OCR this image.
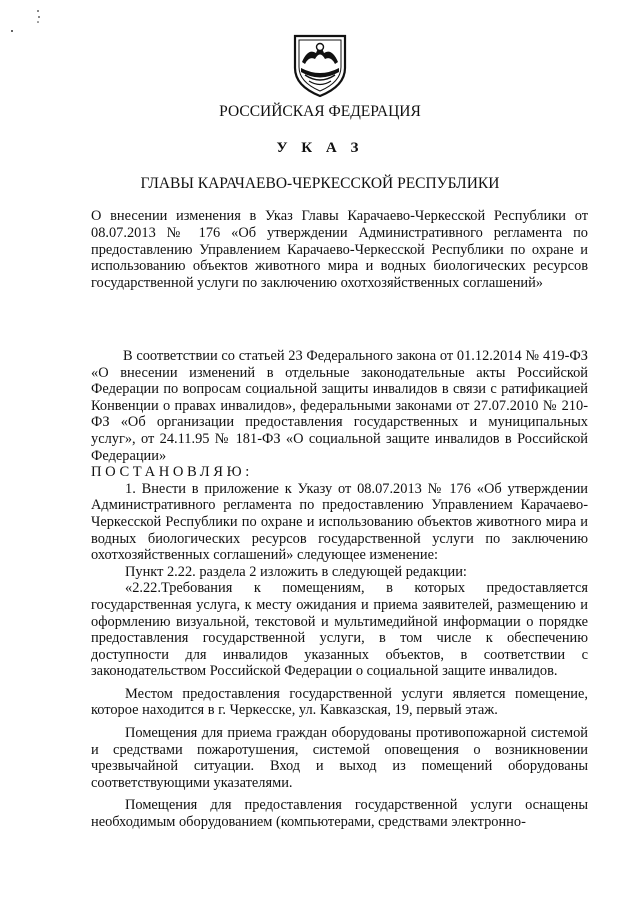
РОССИЙСКАЯ ФЕДЕРАЦИЯ
У К А З
ГЛАВЫ КАРАЧАЕВО-ЧЕРКЕССКОЙ РЕСПУБЛИКИ
О внесении изменения в Указ Главы Карачаево-Черкесской Республики от 08.07.2013 № 176 «Об утверждении Административного регламента по предоставлению Управлением Карачаево-Черкесской Республики по охране и использованию объектов животного мира и водных биологических ресурсов государственной услуги по заключению охотхозяйственных соглашений»

В соответствии со статьей 23 Федерального закона от 01.12.2014 № 419-ФЗ «О внесении изменений в отдельные законодательные акты Российской Федерации по вопросам социальной защиты инвалидов в связи с ратификацией Конвенции о правах инвалидов», федеральными законами от 27.07.2010 № 210-ФЗ «Об организации предоставления государственных и муниципальных услуг», от 24.11.95 № 181-ФЗ «О социальной защите инвалидов в Российской Федерации»

ПОСТАНОВЛЯЮ:

1. Внести в приложение к Указу от 08.07.2013 № 176 «Об утверждении Административного регламента по предоставлению Управлением Карачаево-Черкесской Республики по охране и использованию объектов животного мира и водных биологических ресурсов государственной услуги по заключению охотхозяйственных соглашений» следующее изменение:

Пункт 2.22. раздела 2 изложить в следующей редакции:

«2.22.Требования к помещениям, в которых предоставляется государственная услуга, к месту ожидания и приема заявителей, размещению и оформлению визуальной, текстовой и мультимедийной информации о порядке предоставления государственной услуги, в том числе к обеспечению доступности для инвалидов указанных объектов, в соответствии с законодательством Российской Федерации о социальной защите инвалидов.

Местом предоставления государственной услуги является помещение, которое находится в г. Черкесске, ул. Кавказская, 19, первый этаж.

Помещения для приема граждан оборудованы противопожарной системой и средствами пожаротушения, системой оповещения о возникновении чрезвычайной ситуации. Вход и выход из помещений оборудованы соответствующими указателями.

Помещения для предоставления государственной услуги оснащены необходимым оборудованием (компьютерами, средствами электронно-
